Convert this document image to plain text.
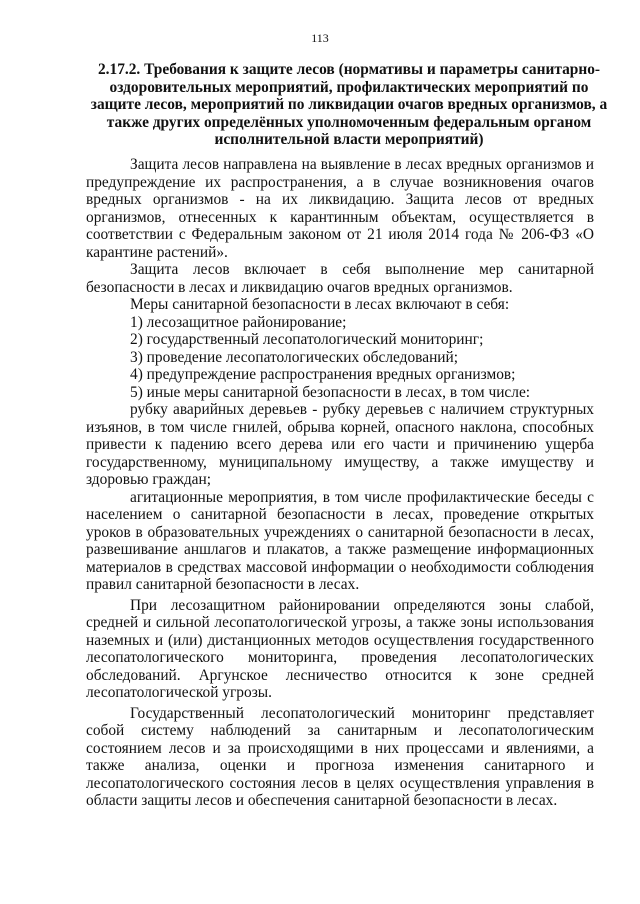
113
2.17.2. Требования к защите лесов (нормативы и параметры санитарно-оздоровительных мероприятий, профилактических мероприятий по защите лесов, мероприятий по ликвидации очагов вредных организмов, а также других определённых уполномоченным федеральным органом исполнительной власти мероприятий)

Защита лесов направлена на выявление в лесах вредных организмов и предупреждение их распространения, а в случае возникновения очагов вредных организмов - на их ликвидацию. Защита лесов от вредных организмов, отнесенных к карантинным объектам, осуществляется в соответствии с Федеральным законом от 21 июля 2014 года № 206-ФЗ «О карантине растений».

Защита лесов включает в себя выполнение мер санитарной безопасности в лесах и ликвидацию очагов вредных организмов.

Меры санитарной безопасности в лесах включают в себя:

1) лесозащитное районирование;

2) государственный лесопатологический мониторинг;

3) проведение лесопатологических обследований;

4) предупреждение распространения вредных организмов;

5) иные меры санитарной безопасности в лесах, в том числе:

рубку аварийных деревьев - рубку деревьев с наличием структурных изъянов, в том числе гнилей, обрыва корней, опасного наклона, способных привести к падению всего дерева или его части и причинению ущерба государственному, муниципальному имуществу, а также имуществу и здоровью граждан;

агитационные мероприятия, в том числе профилактические беседы с населением о санитарной безопасности в лесах, проведение открытых уроков в образовательных учреждениях о санитарной безопасности в лесах, развешивание аншлагов и плакатов, а также размещение информационных материалов в средствах массовой информации о необходимости соблюдения правил санитарной безопасности в лесах.

При лесозащитном районировании определяются зоны слабой, средней и сильной лесопатологической угрозы, а также зоны использования наземных и (или) дистанционных методов осуществления государственного лесопатологического мониторинга, проведения лесопатологических обследований. Аргунское лесничество относится к зоне средней лесопатологической угрозы.

Государственный лесопатологический мониторинг представляет собой систему наблюдений за санитарным и лесопатологическим состоянием лесов и за происходящими в них процессами и явлениями, а также анализа, оценки и прогноза изменения санитарного и лесопатологического состояния лесов в целях осуществления управления в области защиты лесов и обеспечения санитарной безопасности в лесах.
